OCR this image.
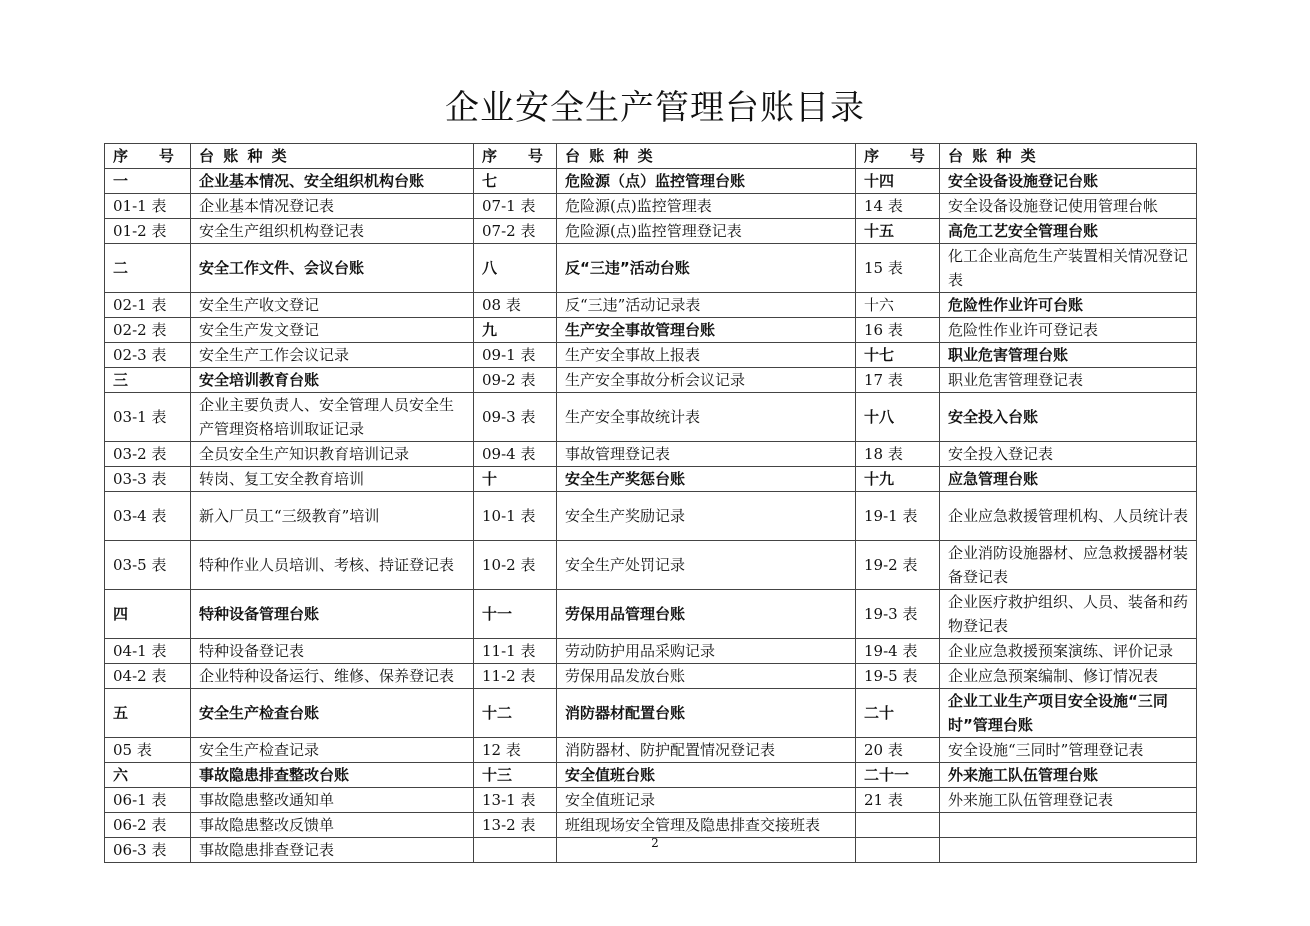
企业安全生产管理台账目录
序    号	台 账 种 类	序    号	台 账 种 类	序    号	台 账 种 类
一	企业基本情况、安全组织机构台账	七	危险源（点）监控管理台账	十四	安全设备设施登记台账
01-1 表	企业基本情况登记表	07-1 表	危险源(点)监控管理表	14 表	安全设备设施登记使用管理台帐
01-2 表	安全生产组织机构登记表	07-2 表	危险源(点)监控管理登记表	十五	高危工艺安全管理台账
二	安全工作文件、会议台账	八	反“三违”活动台账	15 表	化工企业高危生产装置相关情况登记表
02-1 表	安全生产收文登记	08 表	反“三违”活动记录表	十六	危险性作业许可台账
02-2 表	安全生产发文登记	九	生产安全事故管理台账	16 表	危险性作业许可登记表
02-3 表	安全生产工作会议记录	09-1 表	生产安全事故上报表	十七	职业危害管理台账
三	安全培训教育台账	09-2 表	生产安全事故分析会议记录	17 表	职业危害管理登记表
03-1 表	企业主要负责人、安全管理人员安全生产管理资格培训取证记录	09-3 表	生产安全事故统计表	十八	安全投入台账
03-2 表	全员安全生产知识教育培训记录	09-4 表	事故管理登记表	18 表	安全投入登记表
03-3 表	转岗、复工安全教育培训	十	安全生产奖惩台账	十九	应急管理台账
03-4 表	新入厂员工“三级教育”培训	10-1 表	安全生产奖励记录	19-1 表	企业应急救援管理机构、人员统计表
03-5 表	特种作业人员培训、考核、持证登记表	10-2 表	安全生产处罚记录	19-2 表	企业消防设施器材、应急救援器材装备登记表
四	特种设备管理台账	十一	劳保用品管理台账	19-3 表	企业医疗救护组织、人员、装备和药物登记表
04-1 表	特种设备登记表	11-1 表	劳动防护用品采购记录	19-4 表	企业应急救援预案演练、评价记录
04-2 表	企业特种设备运行、维修、保养登记表	11-2 表	劳保用品发放台账	19-5 表	企业应急预案编制、修订情况表
五	安全生产检查台账	十二	消防器材配置台账	二十	企业工业生产项目安全设施“三同时”管理台账
05 表	安全生产检查记录	12 表	消防器材、防护配置情况登记表	20 表	安全设施“三同时”管理登记表
六	事故隐患排查整改台账	十三	安全值班台账	二十一	外来施工队伍管理台账
06-1 表	事故隐患整改通知单	13-1 表	安全值班记录	21 表	外来施工队伍管理登记表
06-2 表	事故隐患整改反馈单	13-2 表	班组现场安全管理及隐患排查交接班表		
06-3 表	事故隐患排查登记表					2
